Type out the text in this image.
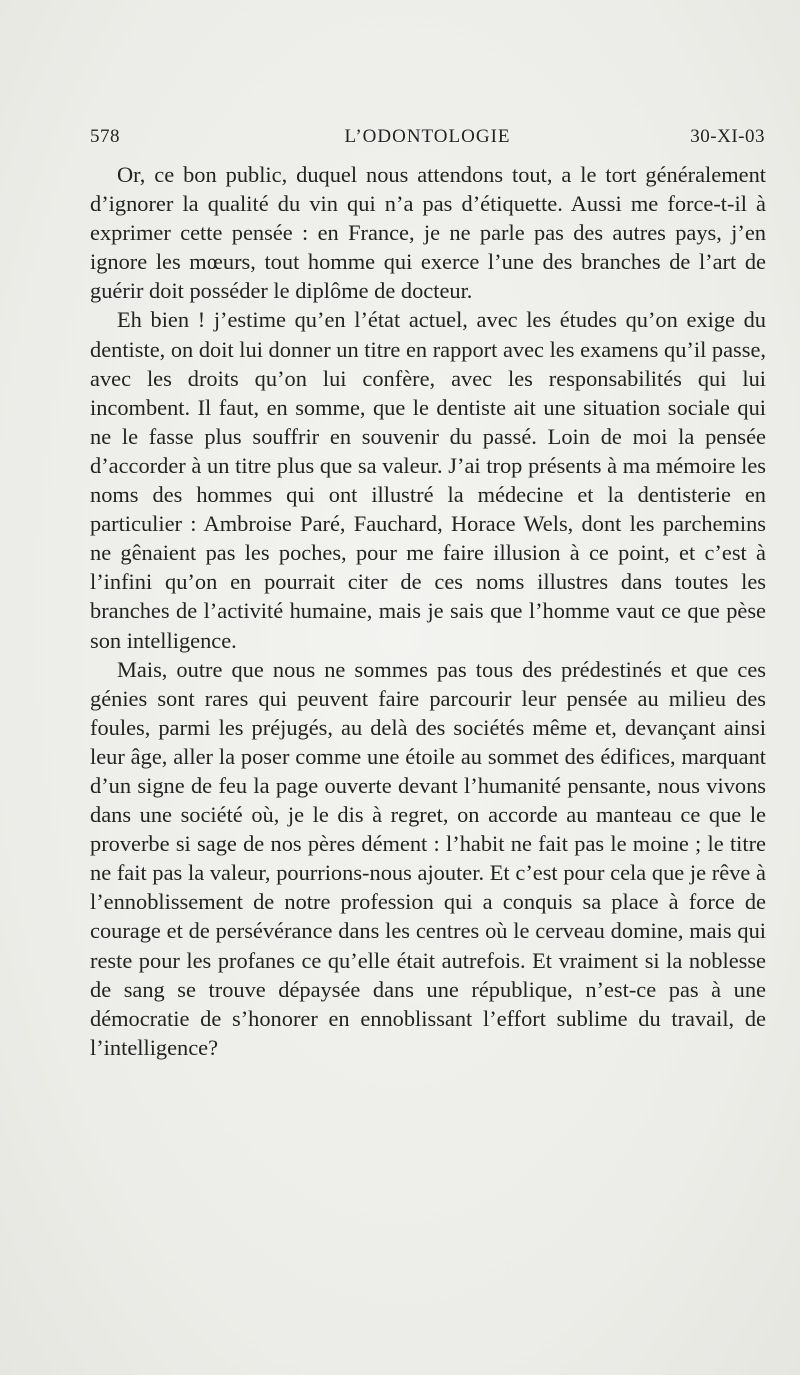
578	L’ODONTOLOGIE	30-XI-03

Or, ce bon public, duquel nous attendons tout, a le tort généralement d’ignorer la qualité du vin qui n’a pas d’étiquette. Aussi me force-t-il à exprimer cette pensée : en France, je ne parle pas des autres pays, j’en ignore les mœurs, tout homme qui exerce l’une des branches de l’art de guérir doit posséder le diplôme de docteur.

Eh bien ! j’estime qu’en l’état actuel, avec les études qu’on exige du dentiste, on doit lui donner un titre en rapport avec les examens qu’il passe, avec les droits qu’on lui confère, avec les responsabilités qui lui incombent. Il faut, en somme, que le dentiste ait une situation sociale qui ne le fasse plus souffrir en souvenir du passé. Loin de moi la pensée d’accorder à un titre plus que sa valeur. J’ai trop présents à ma mémoire les noms des hommes qui ont illustré la médecine et la dentisterie en particulier : Ambroise Paré, Fauchard, Horace Wels, dont les parchemins ne gênaient pas les poches, pour me faire illusion à ce point, et c’est à l’infini qu’on en pourrait citer de ces noms illustres dans toutes les branches de l’activité humaine, mais je sais que l’homme vaut ce que pèse son intelligence.

Mais, outre que nous ne sommes pas tous des prédestinés et que ces génies sont rares qui peuvent faire parcourir leur pensée au milieu des foules, parmi les préjugés, au delà des sociétés même et, devançant ainsi leur âge, aller la poser comme une étoile au sommet des édifices, marquant d’un signe de feu la page ouverte devant l’humanité pensante, nous vivons dans une société où, je le dis à regret, on accorde au manteau ce que le proverbe si sage de nos pères dément : l’habit ne fait pas le moine ; le titre ne fait pas la valeur, pourrions-nous ajouter. Et c’est pour cela que je rêve à l’ennoblissement de notre profession qui a conquis sa place à force de courage et de persévérance dans les centres où le cerveau domine, mais qui reste pour les profanes ce qu’elle était autrefois. Et vraiment si la noblesse de sang se trouve dépaysée dans une république, n’est-ce pas à une démocratie de s’honorer en ennoblissant l’effort sublime du travail, de l’intelligence?
